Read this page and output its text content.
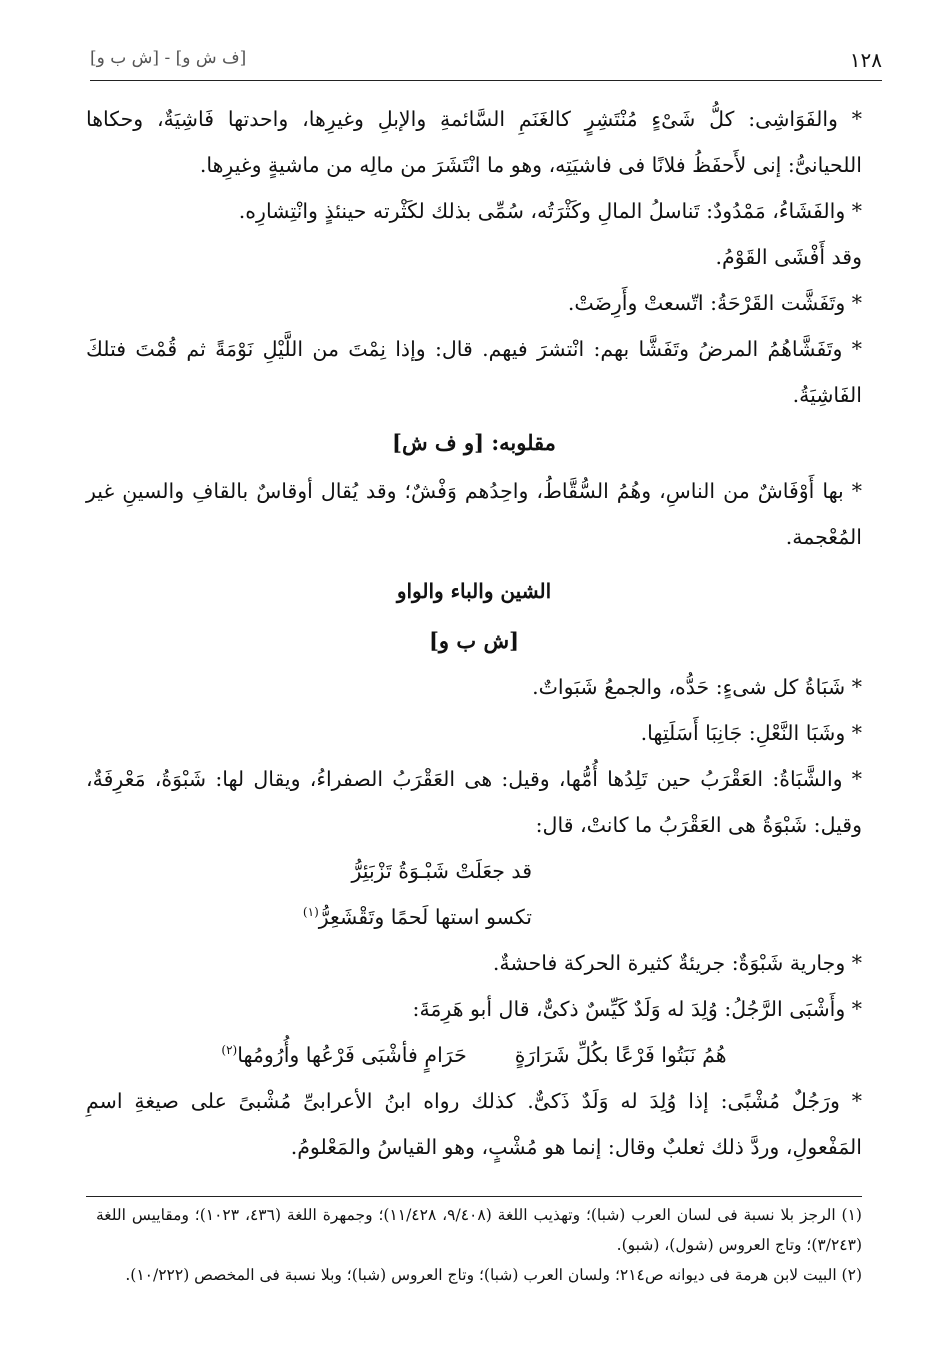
١٢٨
[ف ش و] - [ش ب و]

* والفَوَاشِى: كلُّ شَىْءٍ مُنْتَشِرٍ كالغَنَمِ السَّائمةِ والإبلِ وغيرِها، واحدتها فَاشِيَةٌ، وحكاها اللحيانىُّ: إنى لأَحفَظُ فلانًا فى فاشيَتِه، وهو ما انْتَشَرَ من مالِه من ماشيةٍ وغيرِها.

* والفَشَاءُ، مَمْدُودٌ: تَناسلُ المالِ وكَثْرَتُه، سُمِّى بذلك لكَثْرته حينئذٍ وانْتِشارِه.

وقد أَفْشَى القَوْمُ.

* وتَفَشَّت القَرْحَةُ: اتّسعتْ وأَرِضَتْ.

* وتَفَشَّاهُمُ المرضُ وتَفَشَّا بهم: انْتشرَ فيهم. قال: وإذا نِمْتَ من اللَّيْلِ نَوْمَةً ثم قُمْتَ فتلكَ الفَاشِيَةُ.

مقلوبه: [و ف ش]

* بها أَوْفَاشٌ من الناسِ، وهُمُ السُّقَّاطُ، واحِدُهم وَفْشٌ؛ وقد يُقال أوقاسٌ بالقافِ والسينِ غير المُعْجمة.

الشين والباء والواو

[ش ب و]

* شَبَاةُ كل شىءٍ: حَدُّه، والجمعُ شَبَواتٌ.

* وشَبَا النَّعْلِ: جَانِبَا أَسَلَتِها.

* والشَّبَاةُ: العَقْرَبُ حين تَلِدُها أُمُّها، وقيل: هى العَقْرَبُ الصفراءُ، ويقال لها: شَبْوَةُ، مَعْرِفَةٌ، وقيل: شَبْوَةُ هى العَقْرَبُ ما كانتْ، قال:

قد جعَلَتْ شَبْـوَةُ تَزْبَئِرُّ
تكسو استها لَحمًا وتَقْشَعِرُّ$^{(١)}$

* وجارية شَبْوَةٌ: جريئةٌ كثيرة الحركة فاحشةٌ.

* وأَشْبَى الرَّجُلُ: وُلِدَ له وَلَدٌ كَيِّسٌ ذكىٌّ، قال أبو هَرِمَةَ:

هُمُ نَبَتُوا فَرْعًا بكُلِّ شَرَارَةٍ
حَرَامٍ فأشْبَى فَرْعُها وأُرُومُها$^{(٢)}$

* ورَجُلٌ مُشْبًى: إذا وُلِدَ له وَلَدٌ ذَكىٌّ. كذلك رواه ابنُ الأعرابىِّ مُشْبىً على صيغةِ اسمِ المَفْعولِ، وردَّ ذلك ثعلبٌ وقال: إنما هو مُشْبٍ، وهو القياسُ والمَعْلومُ.

(١) الرجز بلا نسبة فى لسان العرب (شبا)؛ وتهذيب اللغة (٩/٤٠٨، ١١/٤٢٨)؛ وجمهرة اللغة (٤٣٦، ١٠٢٣)؛ ومقاييس اللغة (٣/٢٤٣)؛ وتاج العروس (شول)، (شبو).

(٢) البيت لابن هرمة فى ديوانه ص٢١٤؛ ولسان العرب (شبا)؛ وتاج العروس (شبا)؛ وبلا نسبة فى المخصص (١٠/٢٢٢).
